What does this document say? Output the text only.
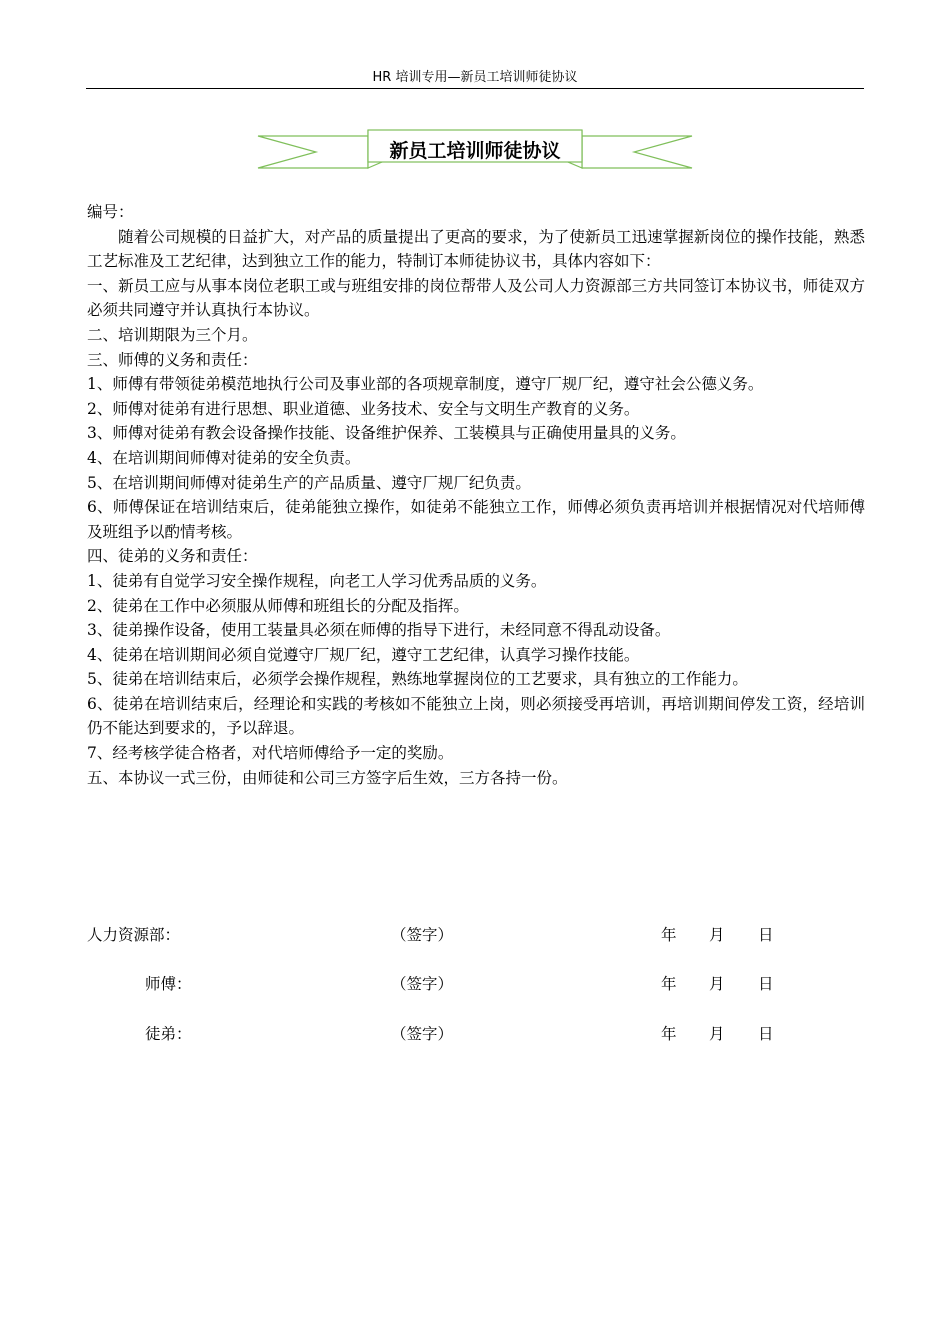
HR 培训专用—新员工培训师徒协议
新员工培训师徒协议

编号：

随着公司规模的日益扩大，对产品的质量提出了更高的要求，为了使新员工迅速掌握新岗位的操作技能，熟悉工艺标准及工艺纪律，达到独立工作的能力，特制订本师徒协议书，具体内容如下：

一、新员工应与从事本岗位老职工或与班组安排的岗位帮带人及公司人力资源部三方共同签订本协议书，师徒双方必须共同遵守并认真执行本协议。

二、培训期限为三个月。

三、师傅的义务和责任：

1、师傅有带领徒弟模范地执行公司及事业部的各项规章制度，遵守厂规厂纪，遵守社会公德义务。

2、师傅对徒弟有进行思想、职业道德、业务技术、安全与文明生产教育的义务。

3、师傅对徒弟有教会设备操作技能、设备维护保养、工装模具与正确使用量具的义务。

4、在培训期间师傅对徒弟的安全负责。

5、在培训期间师傅对徒弟生产的产品质量、遵守厂规厂纪负责。

6、师傅保证在培训结束后，徒弟能独立操作，如徒弟不能独立工作，师傅必须负责再培训并根据情况对代培师傅及班组予以酌情考核。

四、徒弟的义务和责任：

1、徒弟有自觉学习安全操作规程，向老工人学习优秀品质的义务。

2、徒弟在工作中必须服从师傅和班组长的分配及指挥。

3、徒弟操作设备，使用工装量具必须在师傅的指导下进行，未经同意不得乱动设备。

4、徒弟在培训期间必须自觉遵守厂规厂纪，遵守工艺纪律，认真学习操作技能。

5、徒弟在培训结束后，必须学会操作规程，熟练地掌握岗位的工艺要求，具有独立的工作能力。

6、徒弟在培训结束后，经理论和实践的考核如不能独立上岗，则必须接受再培训，再培训期间停发工资，经培训仍不能达到要求的，予以辞退。

7、经考核学徒合格者，对代培师傅给予一定的奖励。

五、本协议一式三份，由师徒和公司三方签字后生效，三方各持一份。

人力资源部：	（签字）	年 月 日
师傅：	（签字）	年 月 日
徒弟：	（签字）	年 月 日
